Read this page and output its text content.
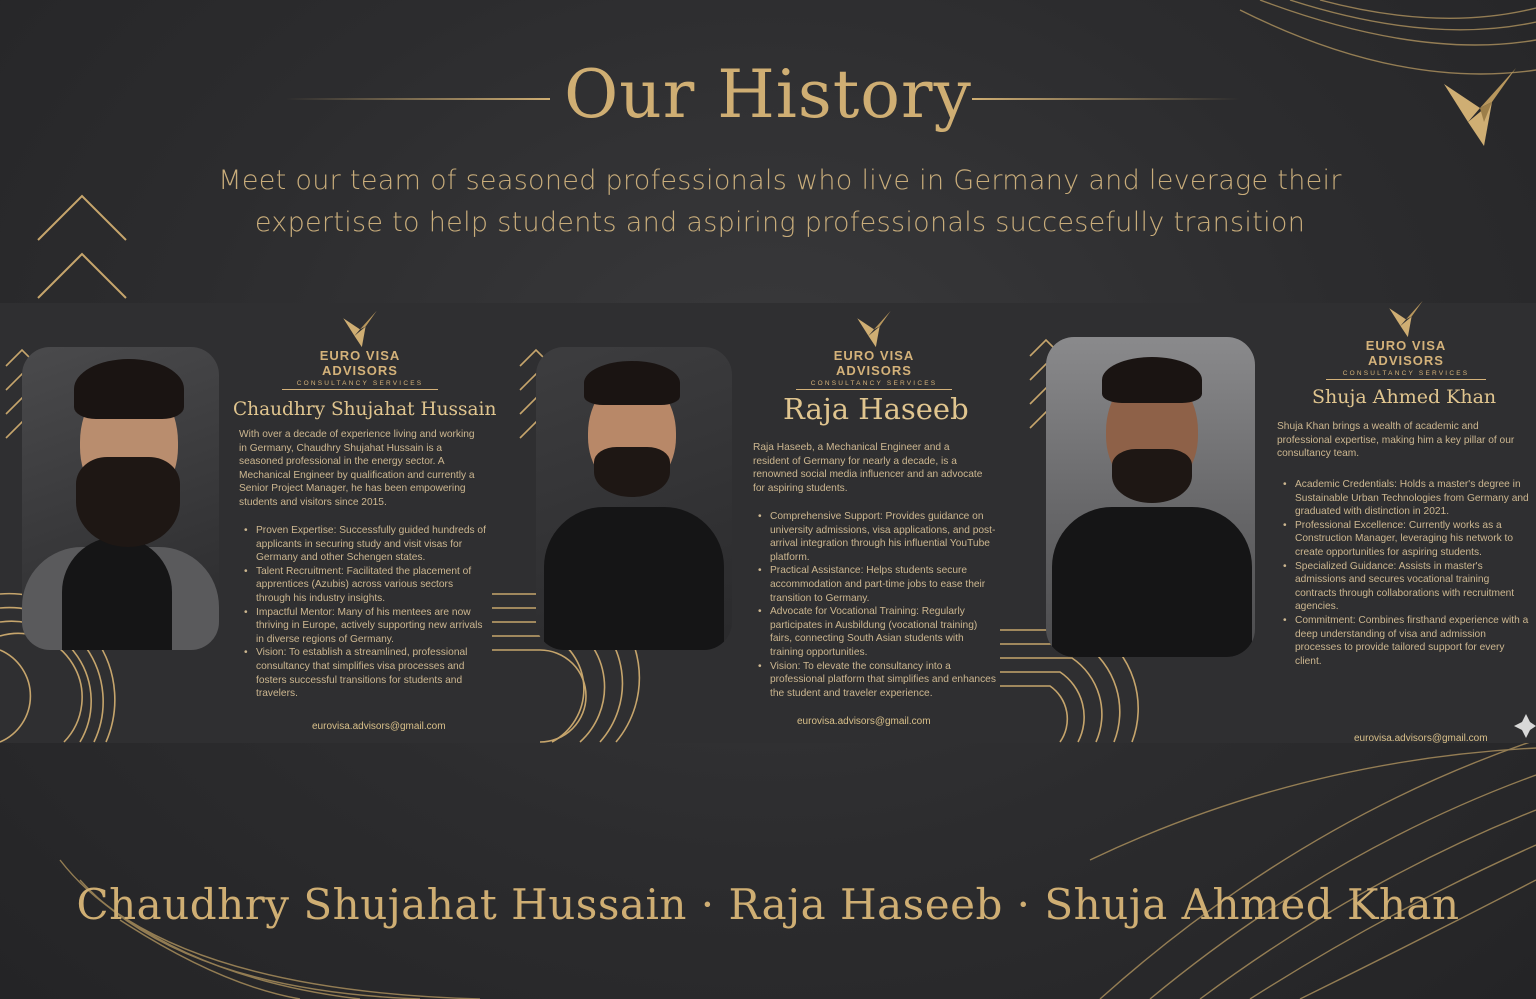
Our History
Meet our team of seasoned professionals who live in Germany and leverage their
expertise to help students and aspiring professionals succesefully transition
EURO VISA ADVISORS
CONSULTANCY SERVICES
Chaudhry Shujahat Hussain
With over a decade of experience living and working in Germany, Chaudhry Shujahat Hussain is a seasoned professional in the energy sector. A Mechanical Engineer by qualification and currently a Senior Project Manager, he has been empowering students and visitors since 2015.
• Proven Expertise: Successfully guided hundreds of applicants in securing study and visit visas for Germany and other Schengen states.
• Talent Recruitment: Facilitated the placement of apprentices (Azubis) across various sectors through his industry insights.
• Impactful Mentor: Many of his mentees are now thriving in Europe, actively supporting new arrivals in diverse regions of Germany.
• Vision: To establish a streamlined, professional consultancy that simplifies visa processes and fosters successful transitions for students and travelers.
eurovisa.advisors@gmail.com
EURO VISA ADVISORS
CONSULTANCY SERVICES
Raja Haseeb
Raja Haseeb, a Mechanical Engineer and a resident of Germany for nearly a decade, is a renowned social media influencer and an advocate for aspiring students.
• Comprehensive Support: Provides guidance on university admissions, visa applications, and post-arrival integration through his influential YouTube platform.
• Practical Assistance: Helps students secure accommodation and part-time jobs to ease their transition to Germany.
• Advocate for Vocational Training: Regularly participates in Ausbildung (vocational training) fairs, connecting South Asian students with training opportunities.
• Vision: To elevate the consultancy into a professional platform that simplifies and enhances the student and traveler experience.
eurovisa.advisors@gmail.com
EURO VISA ADVISORS
CONSULTANCY SERVICES
Shuja Ahmed Khan
Shuja Khan brings a wealth of academic and professional expertise, making him a key pillar of our consultancy team.
• Academic Credentials: Holds a master's degree in Sustainable Urban Technologies from Germany and graduated with distinction in 2021.
• Professional Excellence: Currently works as a Construction Manager, leveraging his network to create opportunities for aspiring students.
• Specialized Guidance: Assists in master's admissions and secures vocational training contracts through collaborations with recruitment agencies.
• Commitment: Combines firsthand experience with a deep understanding of visa and admission processes to provide tailored support for every client.
eurovisa.advisors@gmail.com
Chaudhry Shujahat Hussain · Raja Haseeb · Shuja Ahmed Khan
